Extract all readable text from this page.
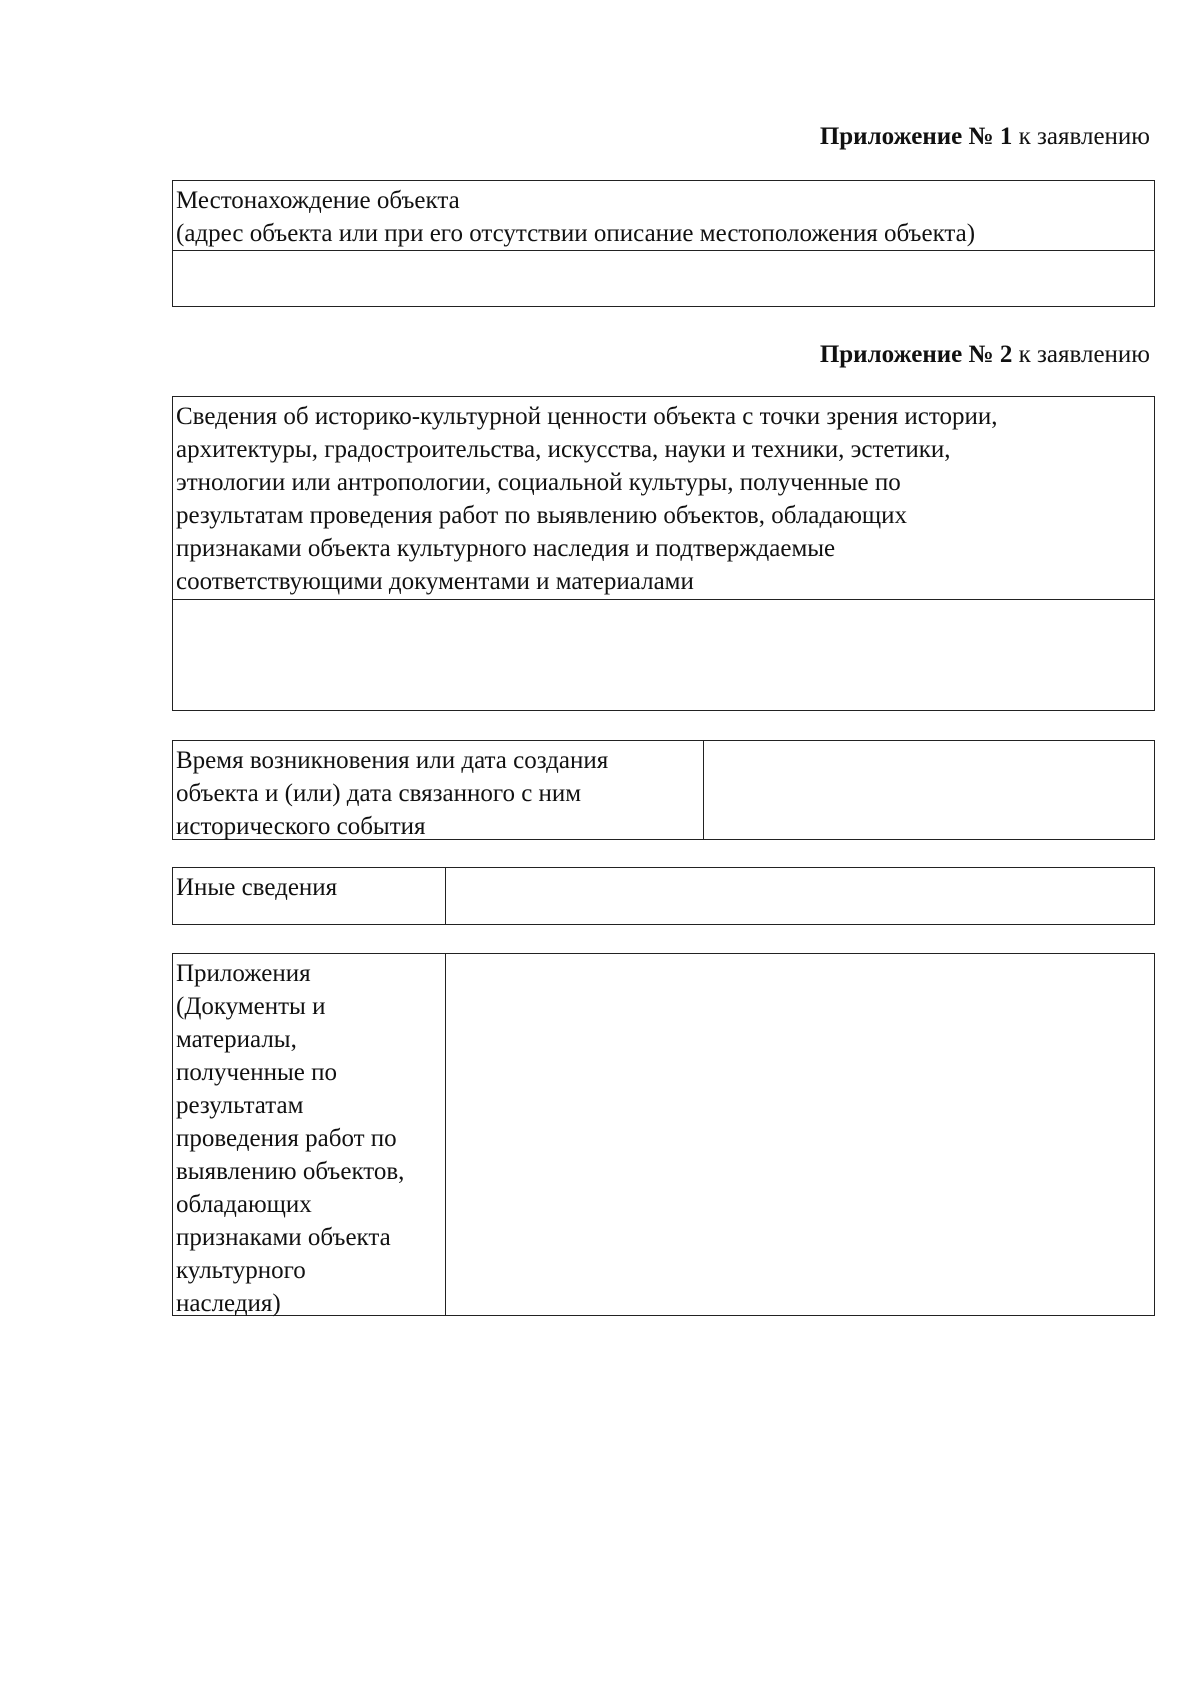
Приложение № 1 к заявлению
Местонахождение объекта
(адрес объекта или при его отсутствии описание местоположения объекта)
Приложение № 2 к заявлению
Сведения об историко-культурной ценности объекта с точки зрения истории,
архитектуры, градостроительства, искусства, науки и техники, эстетики,
этнологии или антропологии, социальной культуры, полученные по
результатам проведения работ по выявлению объектов, обладающих
признаками объекта культурного наследия и подтверждаемые
соответствующими документами и материалами
Время возникновения или дата создания
объекта и (или) дата связанного с ним
исторического события
Иные сведения
Приложения
(Документы и
материалы,
полученные по
результатам
проведения работ по
выявлению объектов,
обладающих
признаками объекта
культурного
наследия)
